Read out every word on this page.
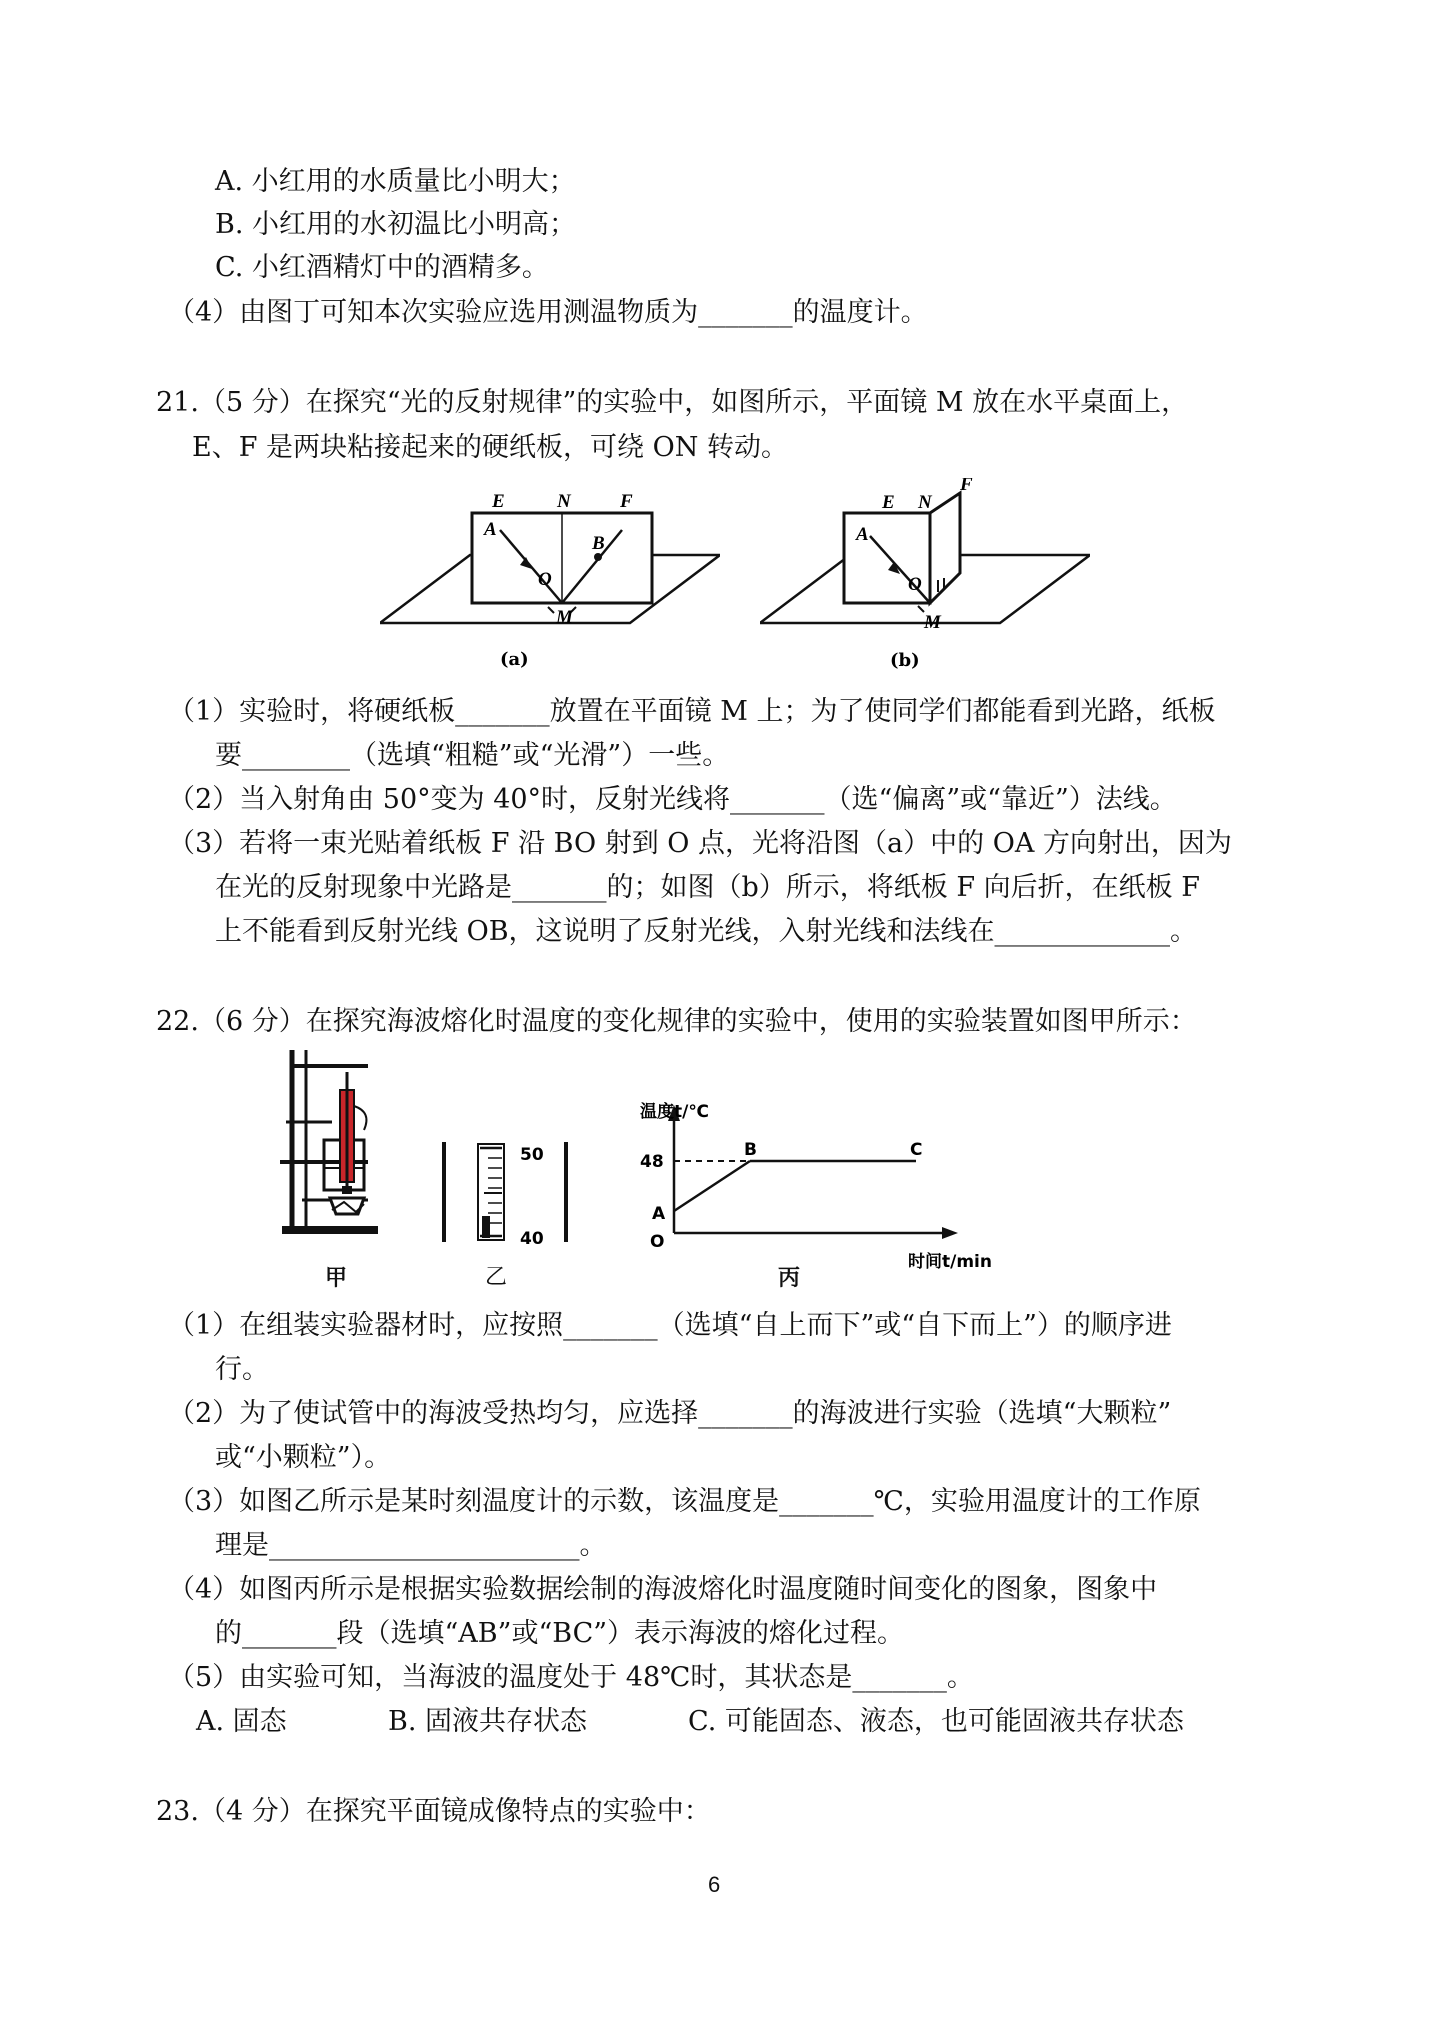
A. 小红用的水质量比小明大；
B. 小红用的水初温比小明高；
C. 小红酒精灯中的酒精多。
（4）由图丁可知本次实验应选用测温物质为_______的温度计。
21.（5 分）在探究“光的反射规律”的实验中，如图所示，平面镜 M 放在水平桌面上，
E、F 是两块粘接起来的硬纸板，可绕 ON 转动。
E	N	F
A
O
B
M
(a)
E N
F
A
O
M
(b)
（1）实验时，将硬纸板_______放置在平面镜 M 上；为了使同学们都能看到光路，纸板
要________（选填“粗糙”或“光滑”）一些。
（2）当入射角由 50°变为 40°时，反射光线将_______（选“偏离”或“靠近”）法线。
（3）若将一束光贴着纸板 F 沿 BO 射到 O 点，光将沿图（a）中的 OA 方向射出，因为
在光的反射现象中光路是_______的；如图（b）所示，将纸板 F 向后折，在纸板 F
上不能看到反射光线 OB，这说明了反射光线，入射光线和法线在_____________。
22.（6 分）在探究海波熔化时温度的变化规律的实验中，使用的实验装置如图甲所示：
甲
50
40
乙
温度t/℃
48
A
B	C
O
时间t/min
丙
（1）在组装实验器材时，应按照_______（选填“自上而下”或“自下而上”）的顺序进
行。
（2）为了使试管中的海波受热均匀，应选择_______的海波进行实验（选填“大颗粒”
或“小颗粒”）。
（3）如图乙所示是某时刻温度计的示数，该温度是_______℃，实验用温度计的工作原
理是_______________________。
（4）如图丙所示是根据实验数据绘制的海波熔化时温度随时间变化的图象，图象中
的_______段（选填“AB”或“BC”）表示海波的熔化过程。
（5）由实验可知，当海波的温度处于 48℃时，其状态是_______。
A. 固态	B. 固液共存状态	C. 可能固态、液态，也可能固液共存状态
23.（4 分）在探究平面镜成像特点的实验中：
6
